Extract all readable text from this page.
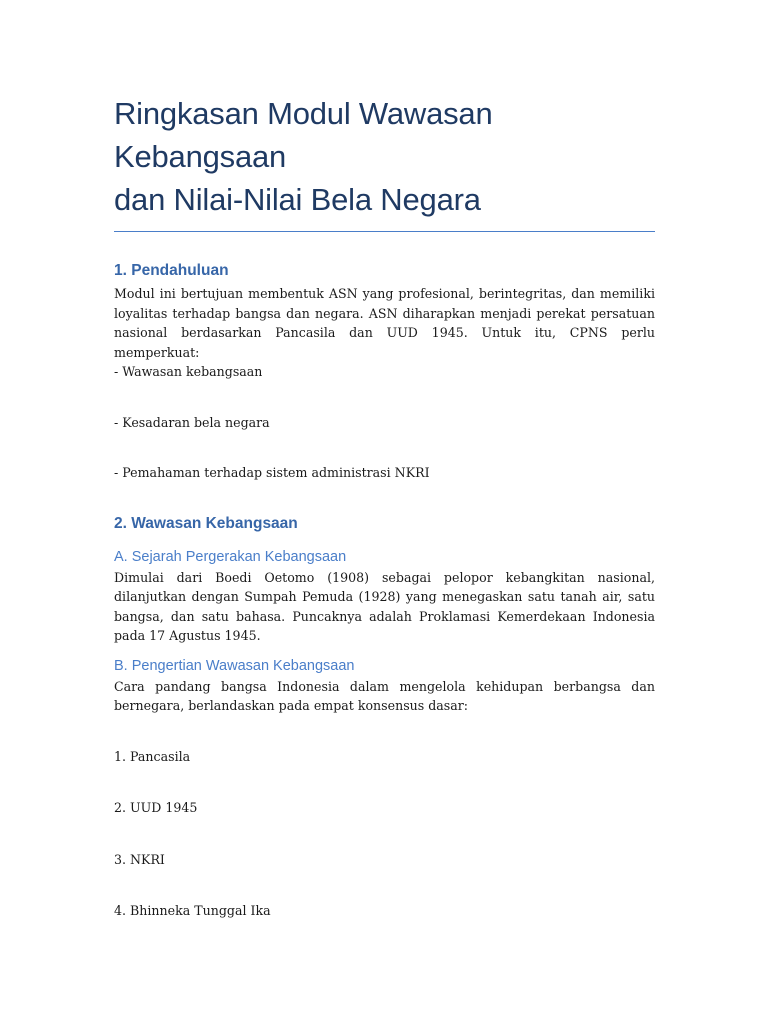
Ringkasan Modul Wawasan Kebangsaan
dan Nilai-Nilai Bela Negara
1. Pendahuluan

Modul ini bertujuan membentuk ASN yang profesional, berintegritas, dan memiliki loyalitas terhadap bangsa dan negara. ASN diharapkan menjadi perekat persatuan nasional berdasarkan Pancasila dan UUD 1945. Untuk itu, CPNS perlu memperkuat:
- Wawasan kebangsaan

- Kesadaran bela negara

- Pemahaman terhadap sistem administrasi NKRI

2. Wawasan Kebangsaan
A. Sejarah Pergerakan Kebangsaan

Dimulai dari Boedi Oetomo (1908) sebagai pelopor kebangkitan nasional, dilanjutkan dengan Sumpah Pemuda (1928) yang menegaskan satu tanah air, satu bangsa, dan satu bahasa. Puncaknya adalah Proklamasi Kemerdekaan Indonesia pada 17 Agustus 1945.

B. Pengertian Wawasan Kebangsaan

Cara pandang bangsa Indonesia dalam mengelola kehidupan berbangsa dan bernegara, berlandaskan pada empat konsensus dasar:

1. Pancasila

2. UUD 1945

3. NKRI

4. Bhinneka Tunggal Ika
